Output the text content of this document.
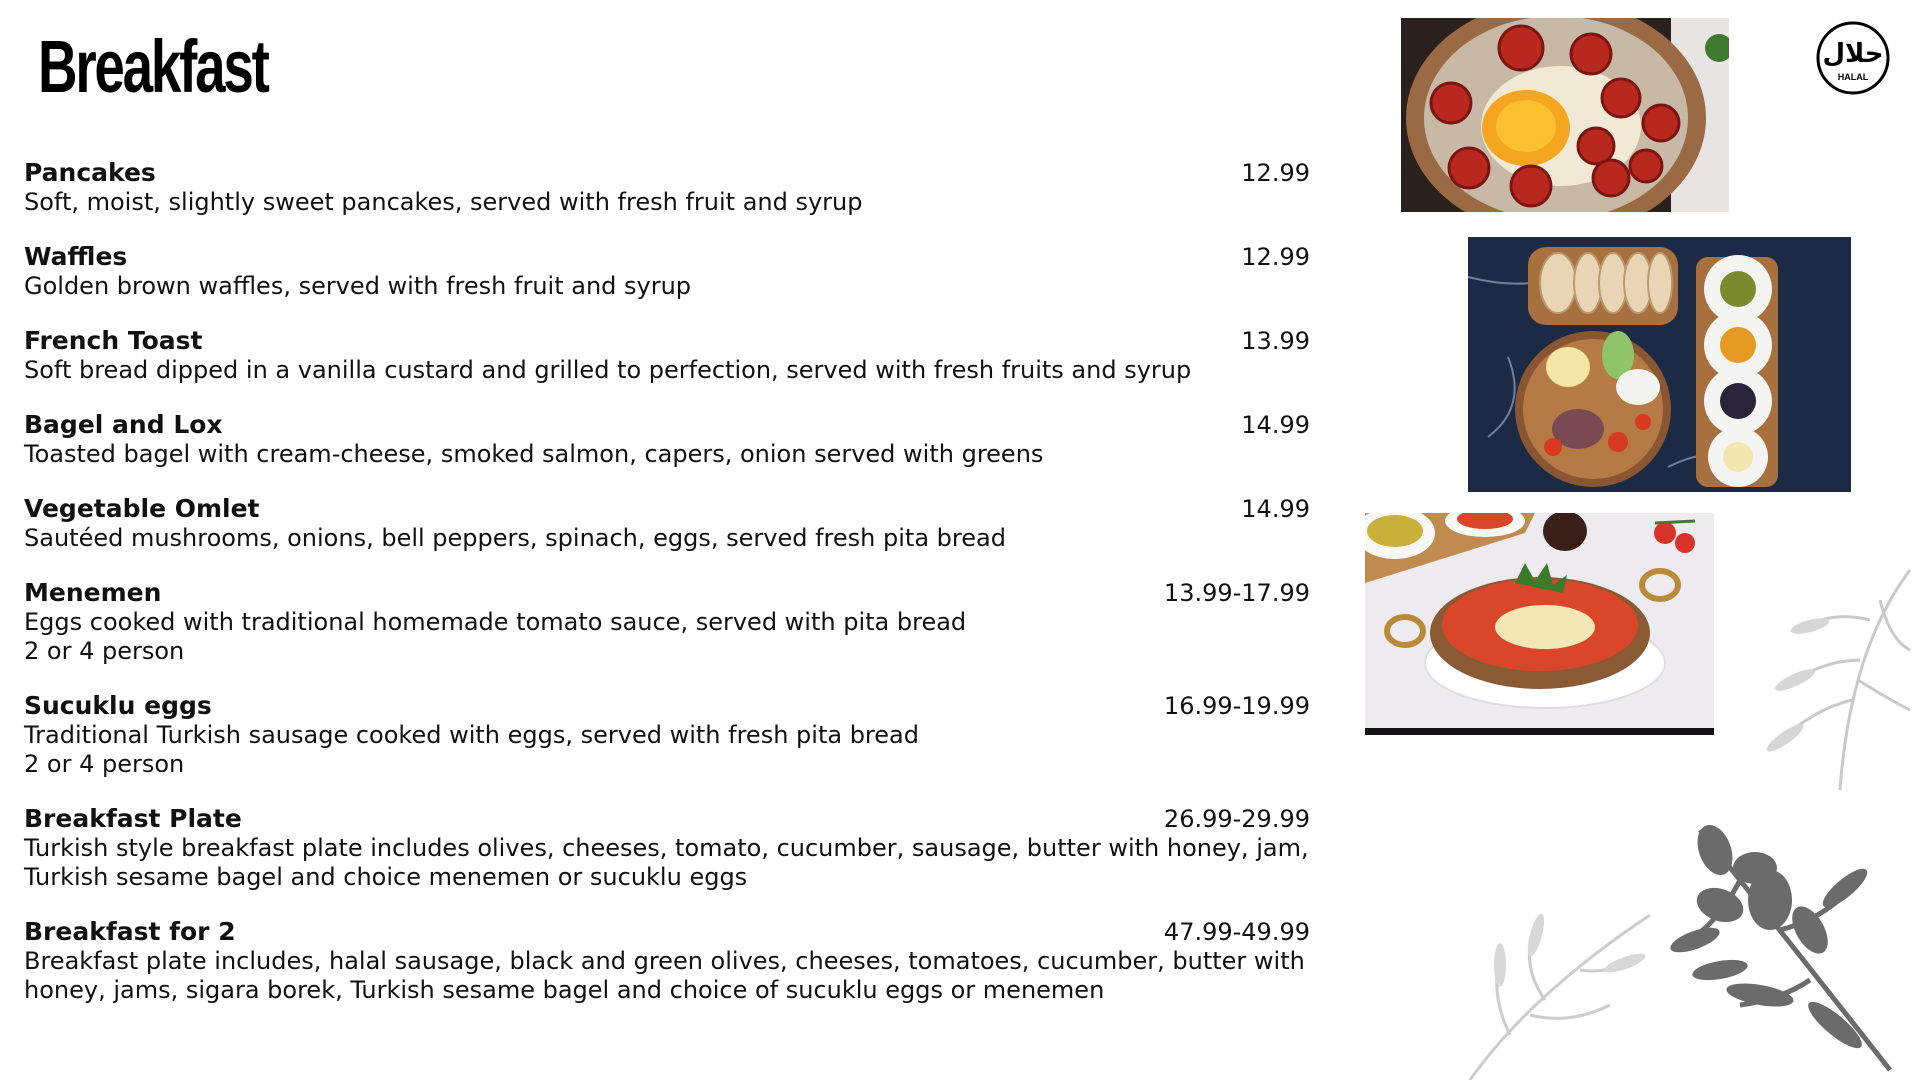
Breakfast
Pancakes	12.99
Soft, moist, slightly sweet pancakes, served with fresh fruit and syrup
Waffles	12.99
Golden brown waffles, served with fresh fruit and syrup
French Toast	13.99
Soft bread dipped in a vanilla custard and grilled to perfection, served with fresh fruits and syrup
Bagel and Lox	14.99
Toasted bagel with cream-cheese, smoked salmon, capers, onion served with greens
Vegetable Omlet	14.99
Sautéed mushrooms, onions, bell peppers, spinach, eggs, served fresh pita bread
Menemen	13.99-17.99
Eggs cooked with traditional homemade tomato sauce, served with pita bread
2 or 4 person
Sucuklu eggs	16.99-19.99
Traditional Turkish sausage cooked with eggs, served with fresh pita bread
2 or 4 person
Breakfast Plate	26.99-29.99
Turkish style breakfast plate includes olives, cheeses, tomato, cucumber, sausage, butter with honey, jam, Turkish sesame bagel and choice menemen or sucuklu eggs
Breakfast for 2	47.99-49.99
Breakfast plate includes, halal sausage, black and green olives, cheeses, tomatoes, cucumber, butter with honey, jams, sigara borek, Turkish sesame bagel and choice of sucuklu eggs or menemen
حلال
HALAL
